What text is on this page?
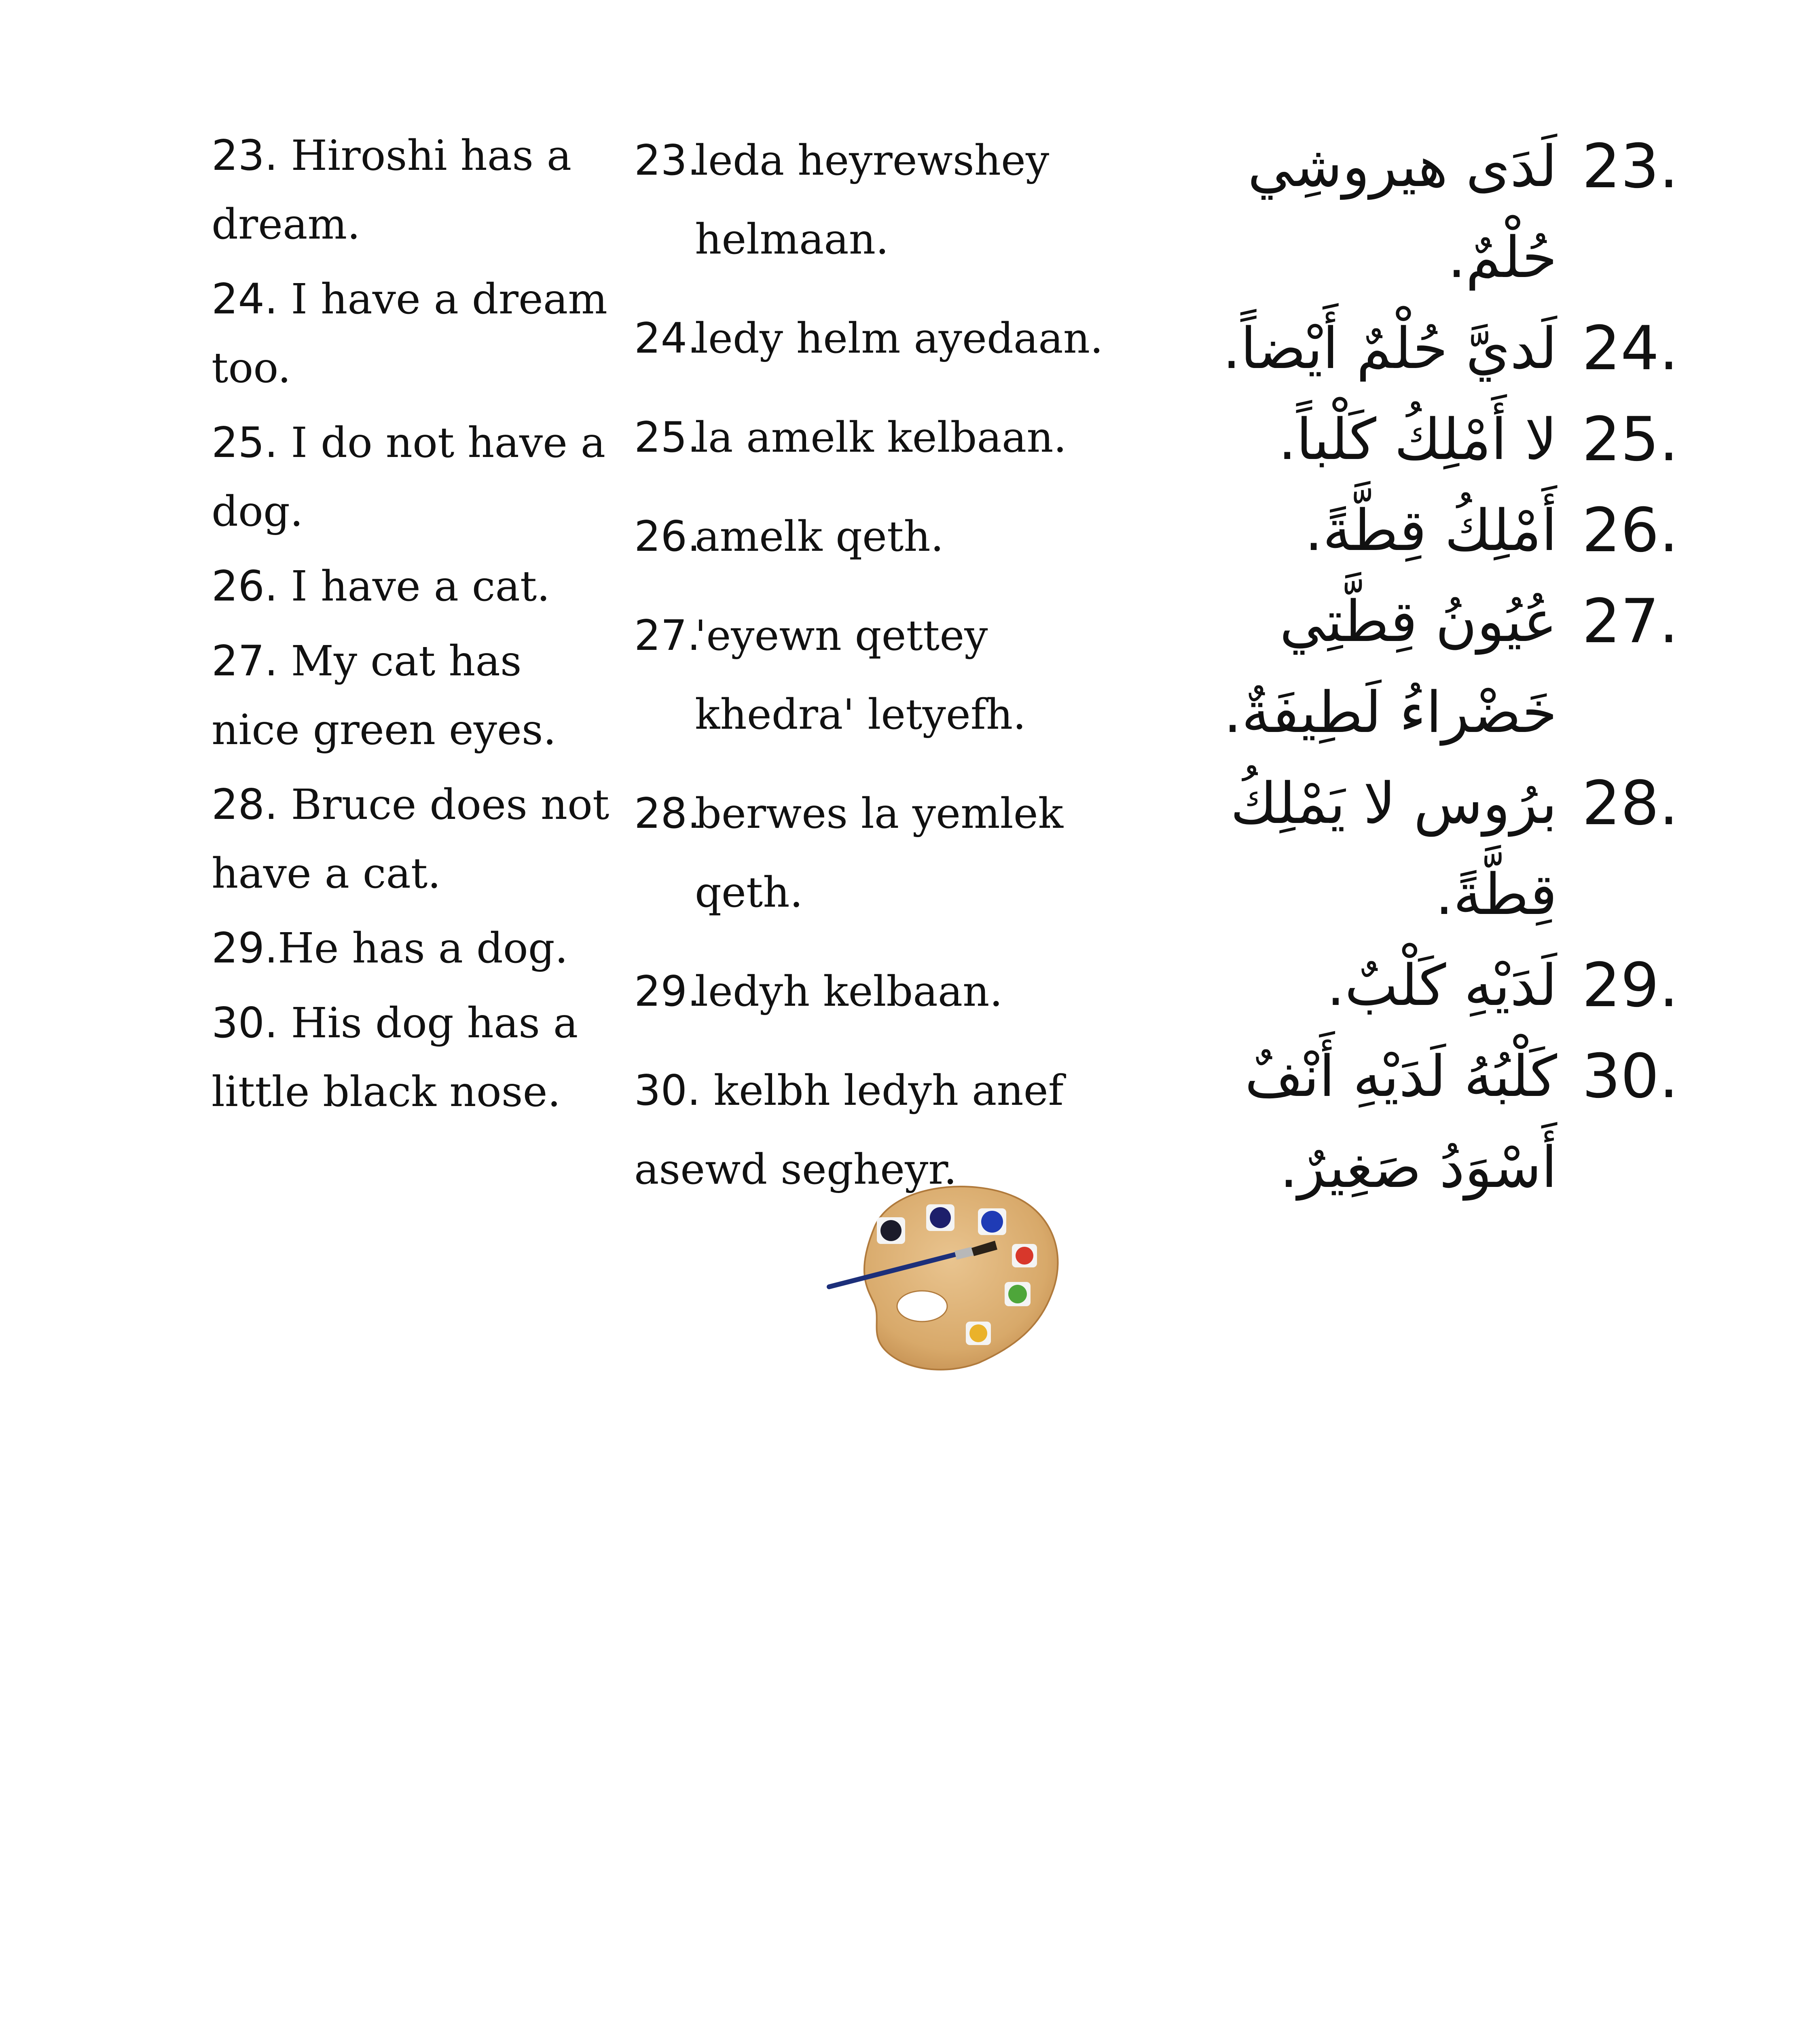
23. Hiroshi has a dream.
24. I have a dream too.
25. I do not have a dog.
26. I have a cat.
27. My cat has nice green eyes.
28. Bruce does not have a cat.
29.He has a dog.
30. His dog has a little black nose.
23.
leda heyrewshey helmaan.
24.
ledy helm ayedaan.
25.
la amelk kelbaan.
26.
amelk qeth.
27.
'eyewn qettey khedra' letyefh.
28.
berwes la yemlek qeth.
29.
ledyh kelbaan.
30. kelbh ledyh anef asewd segheyr.
23 .
لَدَى هيروشِي حُلْمٌ.
24 .
لَديَّ حُلْمٌ أَيْضاً.
25 .
لا أَمْلِكُ كَلْباً.
26 .
أَمْلِكُ قِطَّةً.
27 .
عُيُونُ قِطَّتِي خَضْراءُ لَطِيفَةٌ.
28 .
برُوس لا يَمْلِكُ قِطَّةً.
29 .
لَدَيْهِ كَلْبٌ.
30 .
كَلْبُهُ لَدَيْهِ أَنْفٌ أَسْوَدُ صَغِيرٌ.
